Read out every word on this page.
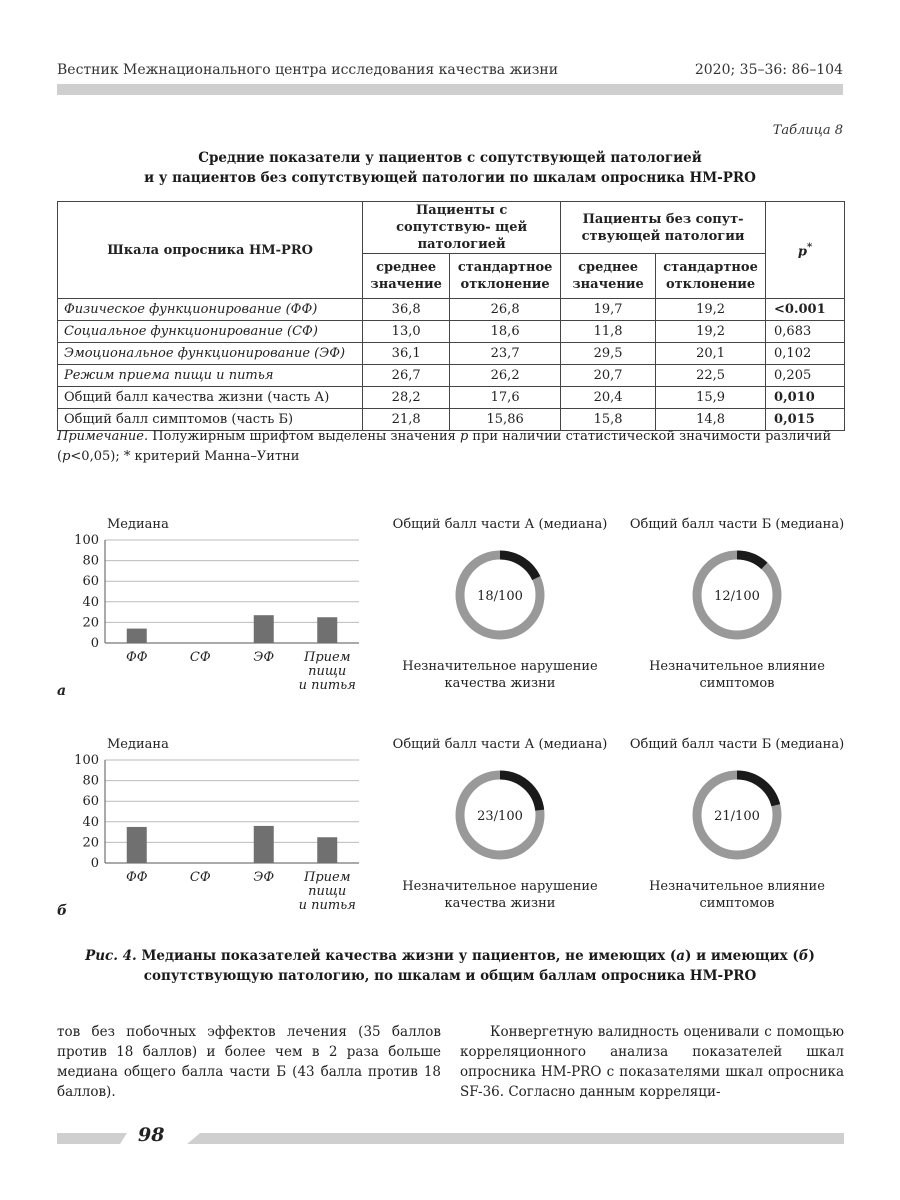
Вестник Межнационального центра исследования качества жизни	2020; 35–36: 86–104
Таблица 8
Средние показатели у пациентов с сопутствующей патологией
и у пациентов без сопутствующей патологии по шкалам опросника HM-PRO
Шкала опросника HM-PRO	Пациенты с сопутствую- щей патологией		Пациенты без сопут- ствующей патологии		p*
	среднее значение	стандартное отклонение	среднее значение	стандартное отклонение	
Физическое функционирование (ФФ)	36,8	26,8	19,7	19,2	<0.001
Социальное функционирование (СФ)	13,0	18,6	11,8	19,2	0,683
Эмоциональное функционирование (ЭФ)	36,1	23,7	29,5	20,1	0,102
Режим приема пищи и питья	26,7	26,2	20,7	22,5	0,205
Общий балл качества жизни (часть А)	28,2	17,6	20,4	15,9	0,010
Общий балл симптомов (часть Б)	21,8	15,86	15,8	14,8	0,015
Примечание. Полужирным шрифтом выделены значения p при наличии статистической значимости различий (p<0,05); * критерий Манна–Уитни
Медиана
0
20
40
60
80
100
ФФ	СФ	ЭФ Прием
пищи
и питья
а
Общий балл части А (медиана)
18/100
Незначительное нарушение качества жизни
Общий балл части Б (медиана)
12/100
Незначительное влияние симптомов
Медиана
0
20
40
60
80
100
ФФ	СФ	ЭФ Прием
пищи
и питья
б
Общий балл части А (медиана)
23/100
Незначительное нарушение качества жизни
Общий балл части Б (медиана)
21/100
Незначительное влияние симптомов
Рис. 4. Медианы показателей качества жизни у пациентов, не имеющих (а) и имеющих (б)
сопутствующую патологию, по шкалам и общим баллам опросника HM-PRO
тов без побочных эффектов лечения (35 баллов против 18 баллов) и более чем в 2 раза больше медиана общего балла части Б (43 балла против 18 баллов).
Конвергетную валидность оценивали с помощью корреляционного анализа показателей шкал опросника HM-PRO с показателями шкал опросника SF-36. Согласно данным корреляци-
98
